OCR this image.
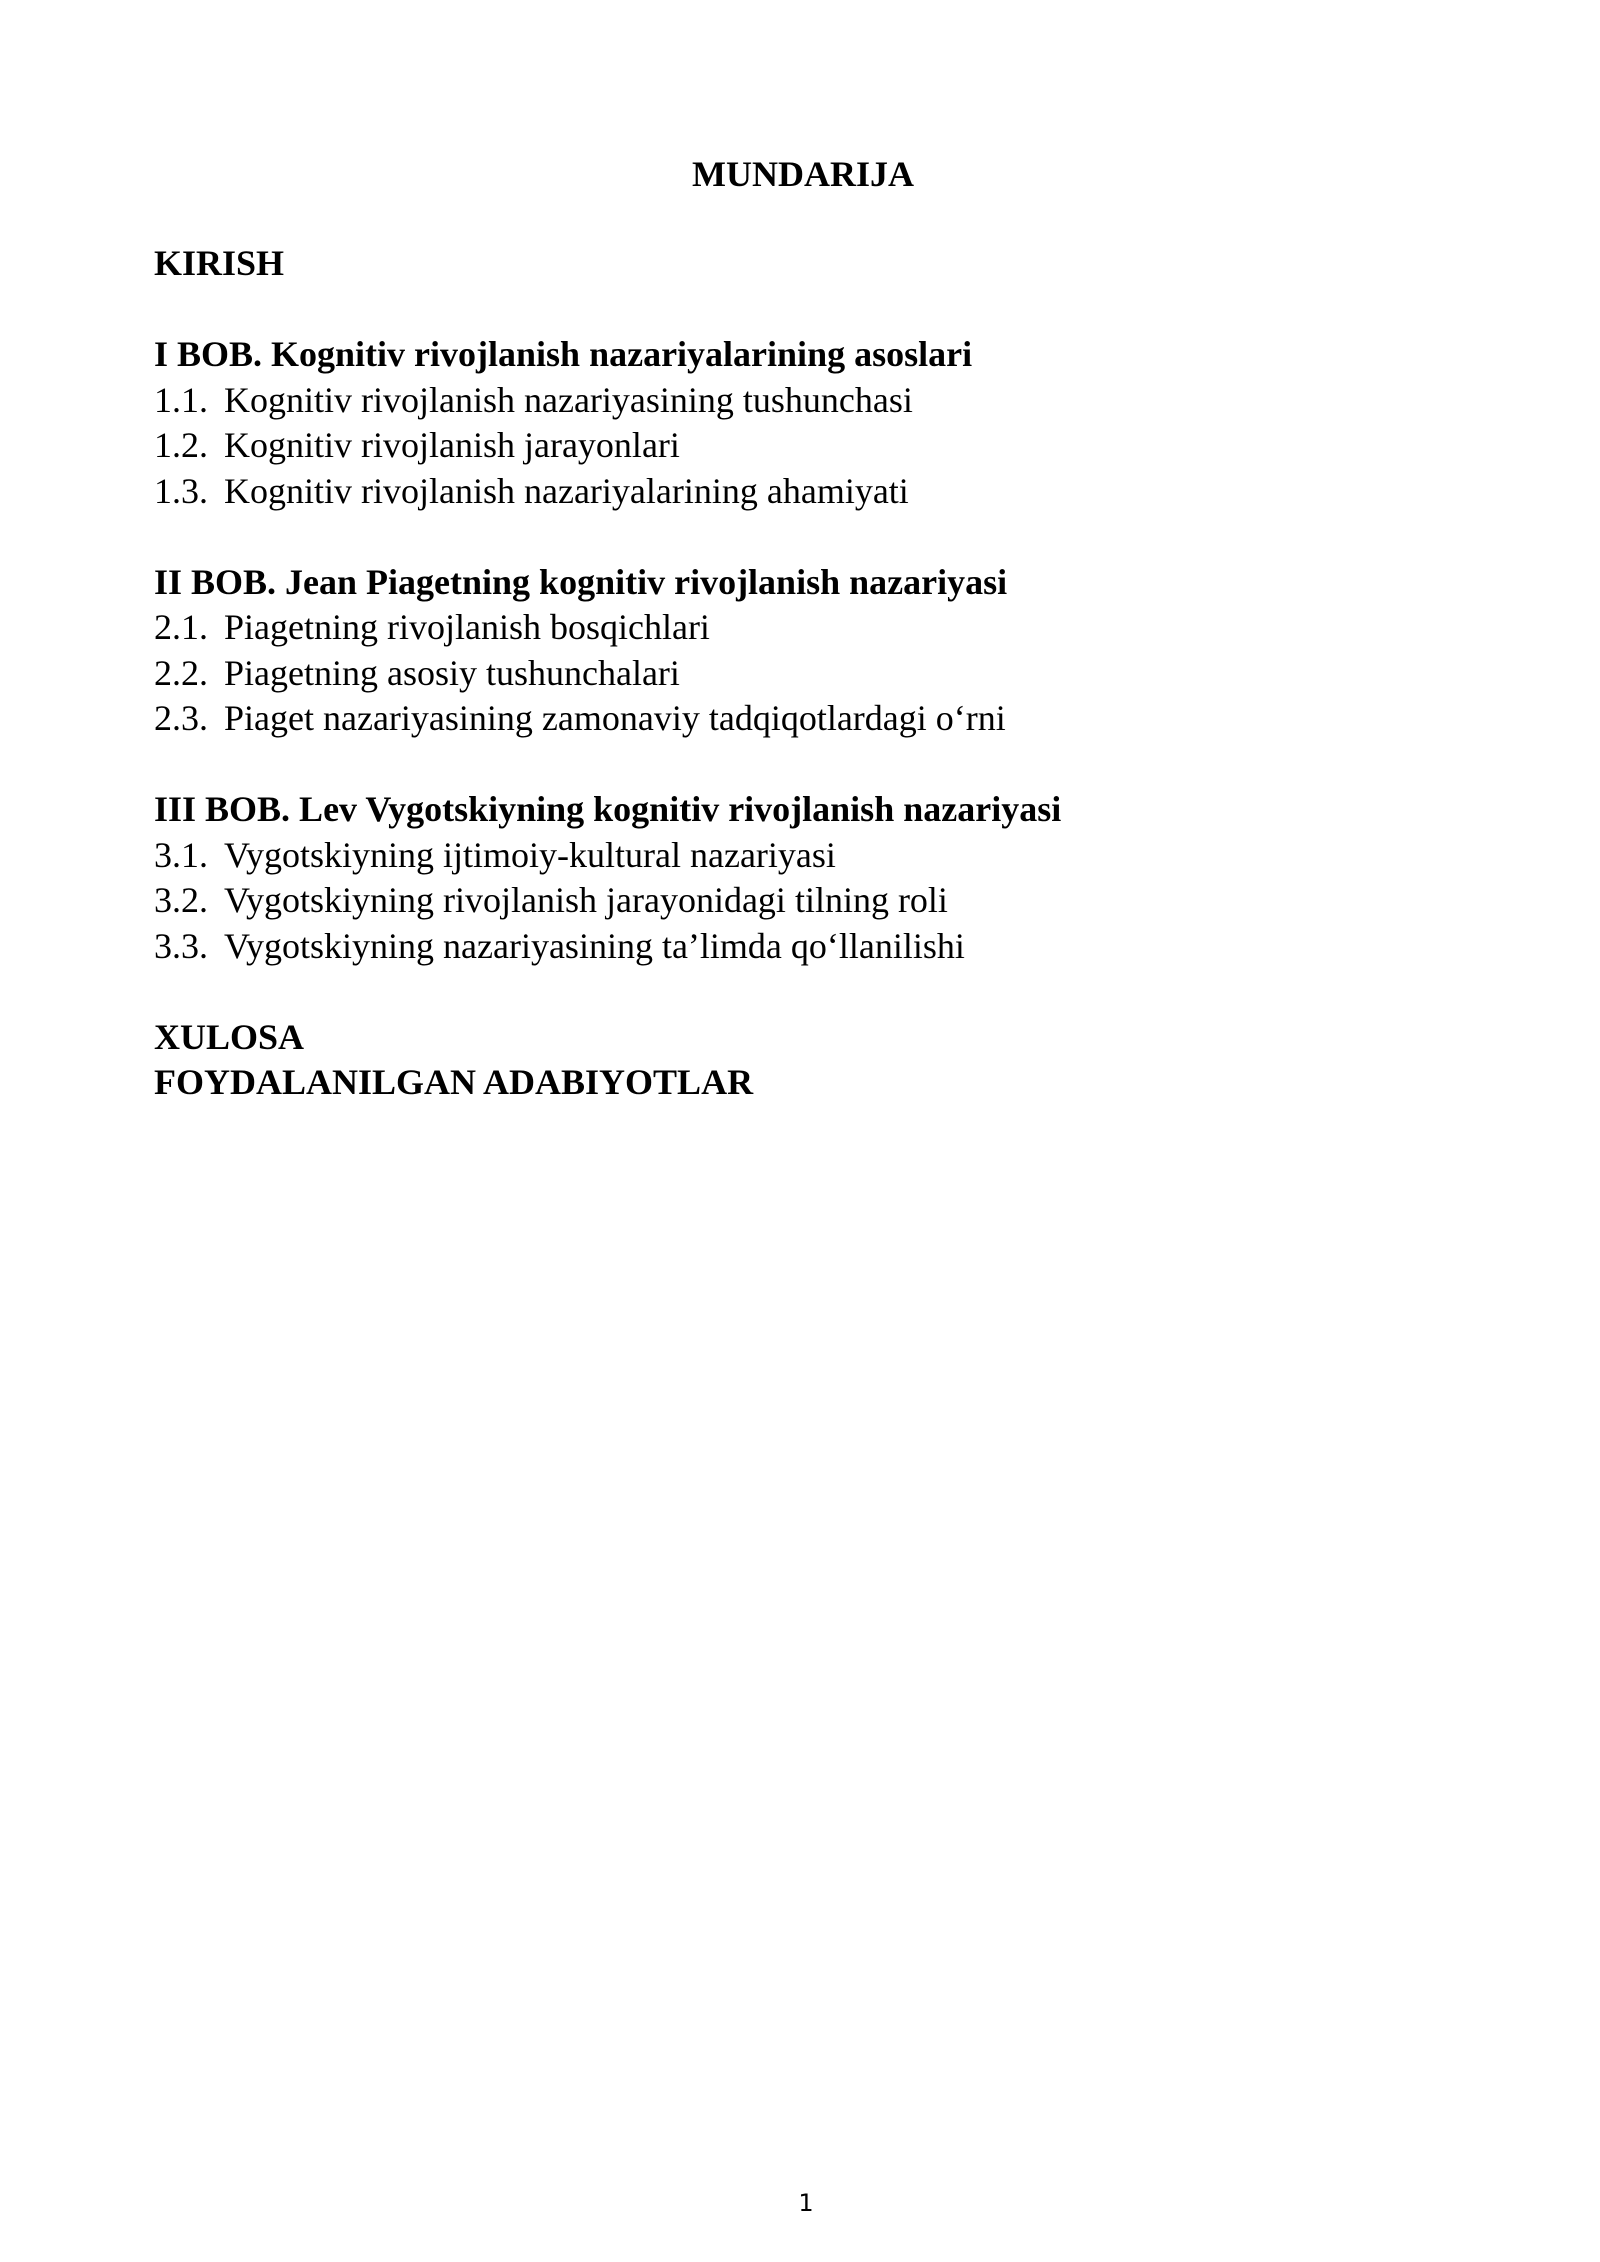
MUNDARIJA

KIRISH

I BOB. Kognitiv rivojlanish nazariyalarining asoslari

1.1. Kognitiv rivojlanish nazariyasining tushunchasi

1.2. Kognitiv rivojlanish jarayonlari

1.3. Kognitiv rivojlanish nazariyalarining ahamiyati

II BOB. Jean Piagetning kognitiv rivojlanish nazariyasi

2.1. Piagetning rivojlanish bosqichlari

2.2. Piagetning asosiy tushunchalari

2.3. Piaget nazariyasining zamonaviy tadqiqotlardagi o‘rni

III BOB. Lev Vygotskiyning kognitiv rivojlanish nazariyasi

3.1. Vygotskiyning ijtimoiy-kultural nazariyasi

3.2. Vygotskiyning rivojlanish jarayonidagi tilning roli

3.3. Vygotskiyning nazariyasining ta’limda qo‘llanilishi

XULOSA

FOYDALANILGAN ADABIYOTLAR

1
